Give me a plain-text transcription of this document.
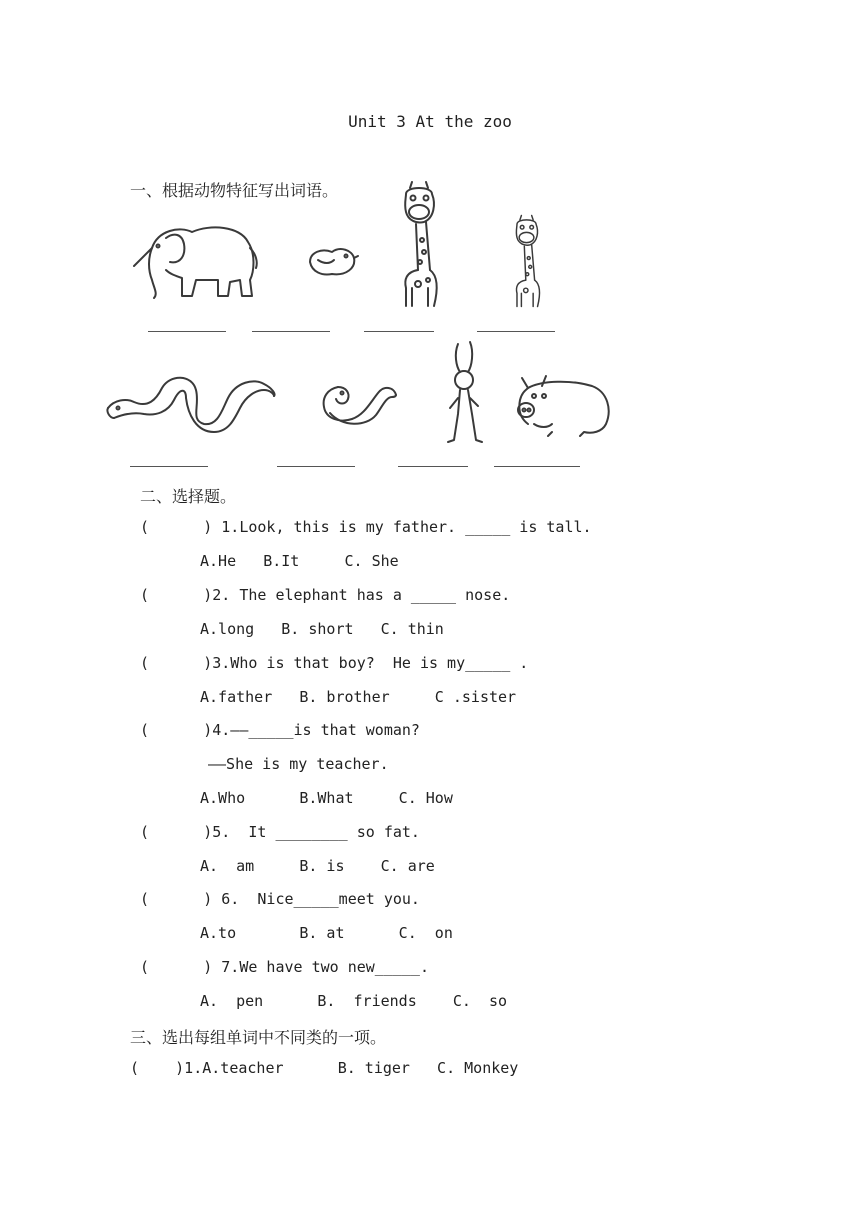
Unit 3 At the zoo
一、根据动物特征写出词语。
二、选择题。
(      ) 1.Look, this is my father. _____ is tall.
A.He   B.It     C. She
(      )2. The elephant has a _____ nose.
A.long   B. short   C. thin
(      )3.Who is that boy?  He is my_____ .
A.father   B. brother     C .sister
(      )4.——_____is that woman?
——She is my teacher.
A.Who      B.What     C. How
(      )5.  It ________ so fat.
A.  am     B. is    C. are
(      ) 6.  Nice_____meet you.
A.to       B. at      C.  on
(      ) 7.We have two new_____.
A.  pen      B.  friends    C.  so
三、选出每组单词中不同类的一项。
(    )1.A.teacher      B. tiger   C. Monkey
